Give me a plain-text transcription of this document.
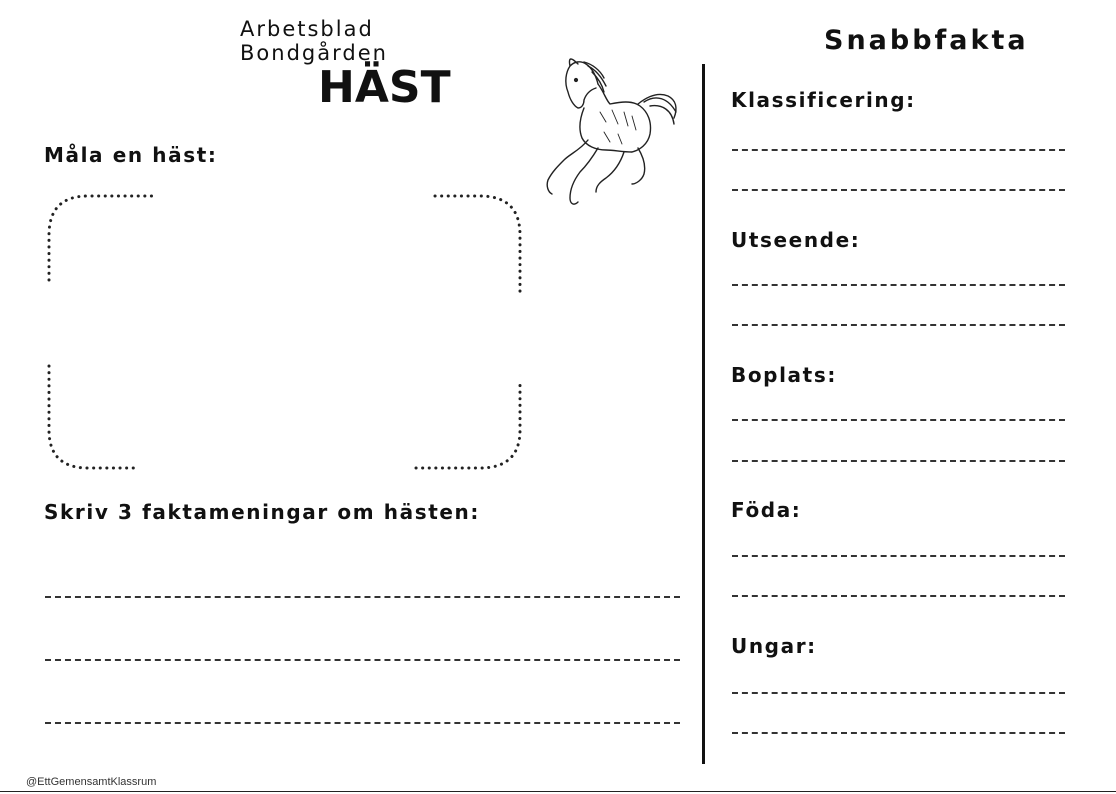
Arbetsblad Bondgården
HÄST
Måla en häst:
Skriv 3 faktameningar om hästen:
Snabbfakta
Klassificering:
Utseende:
Boplats:
Föda:
Ungar:
@EttGemensamtKlassrum
